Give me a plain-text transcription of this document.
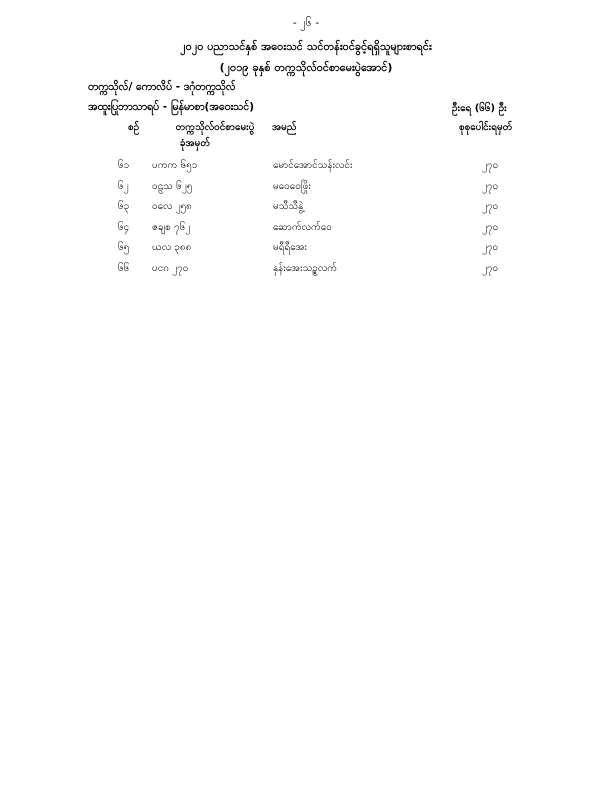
- ၂၆ -
၂၀၂၀ ပညာသင်နှစ် အဝေးသင် သင်တန်းဝင်ခွင့်ရရှိသူများစာရင်း
(၂၀၁၉ ခုနှစ် တက္ကသိုလ်ဝင်စာမေးပွဲအောင်)
တက္ကသိုလ်/ ကောလိပ် - ဒဂုံတက္ကသိုလ်
အထူးပြုဘာသာရပ် - မြန်မာစာ(အဝေးသင်)	ဦးရေ (၆၆) ဦး
စဉ်	တက္ကသိုလ်ဝင်စာမေးပွဲ
ခုံအမှတ်
အမည်	စုစုပေါင်းရမှတ်
၆၁ ပကက ၆၅၁	မောင်အောင်သန်းလင်း	၂၇၀
၆၂ ဝဠသ ၆၂၅	မဝေဝေဖြိုး	၂၇၀
၆၃ ဝလေ ၂၅၈	မသီသီနွဲ့	၂၇၀
၆၄ ဇချစ ၇၆၂	ဆောက်လက်ဝေ	၂၇၀
၆၅ ယလ ၃၈၈	မရီရီအေး	၂၇၀
၆၆ ပငဂ ၂၇၀	နှန်းအေးသဉ္စလက်	၂၇၀
